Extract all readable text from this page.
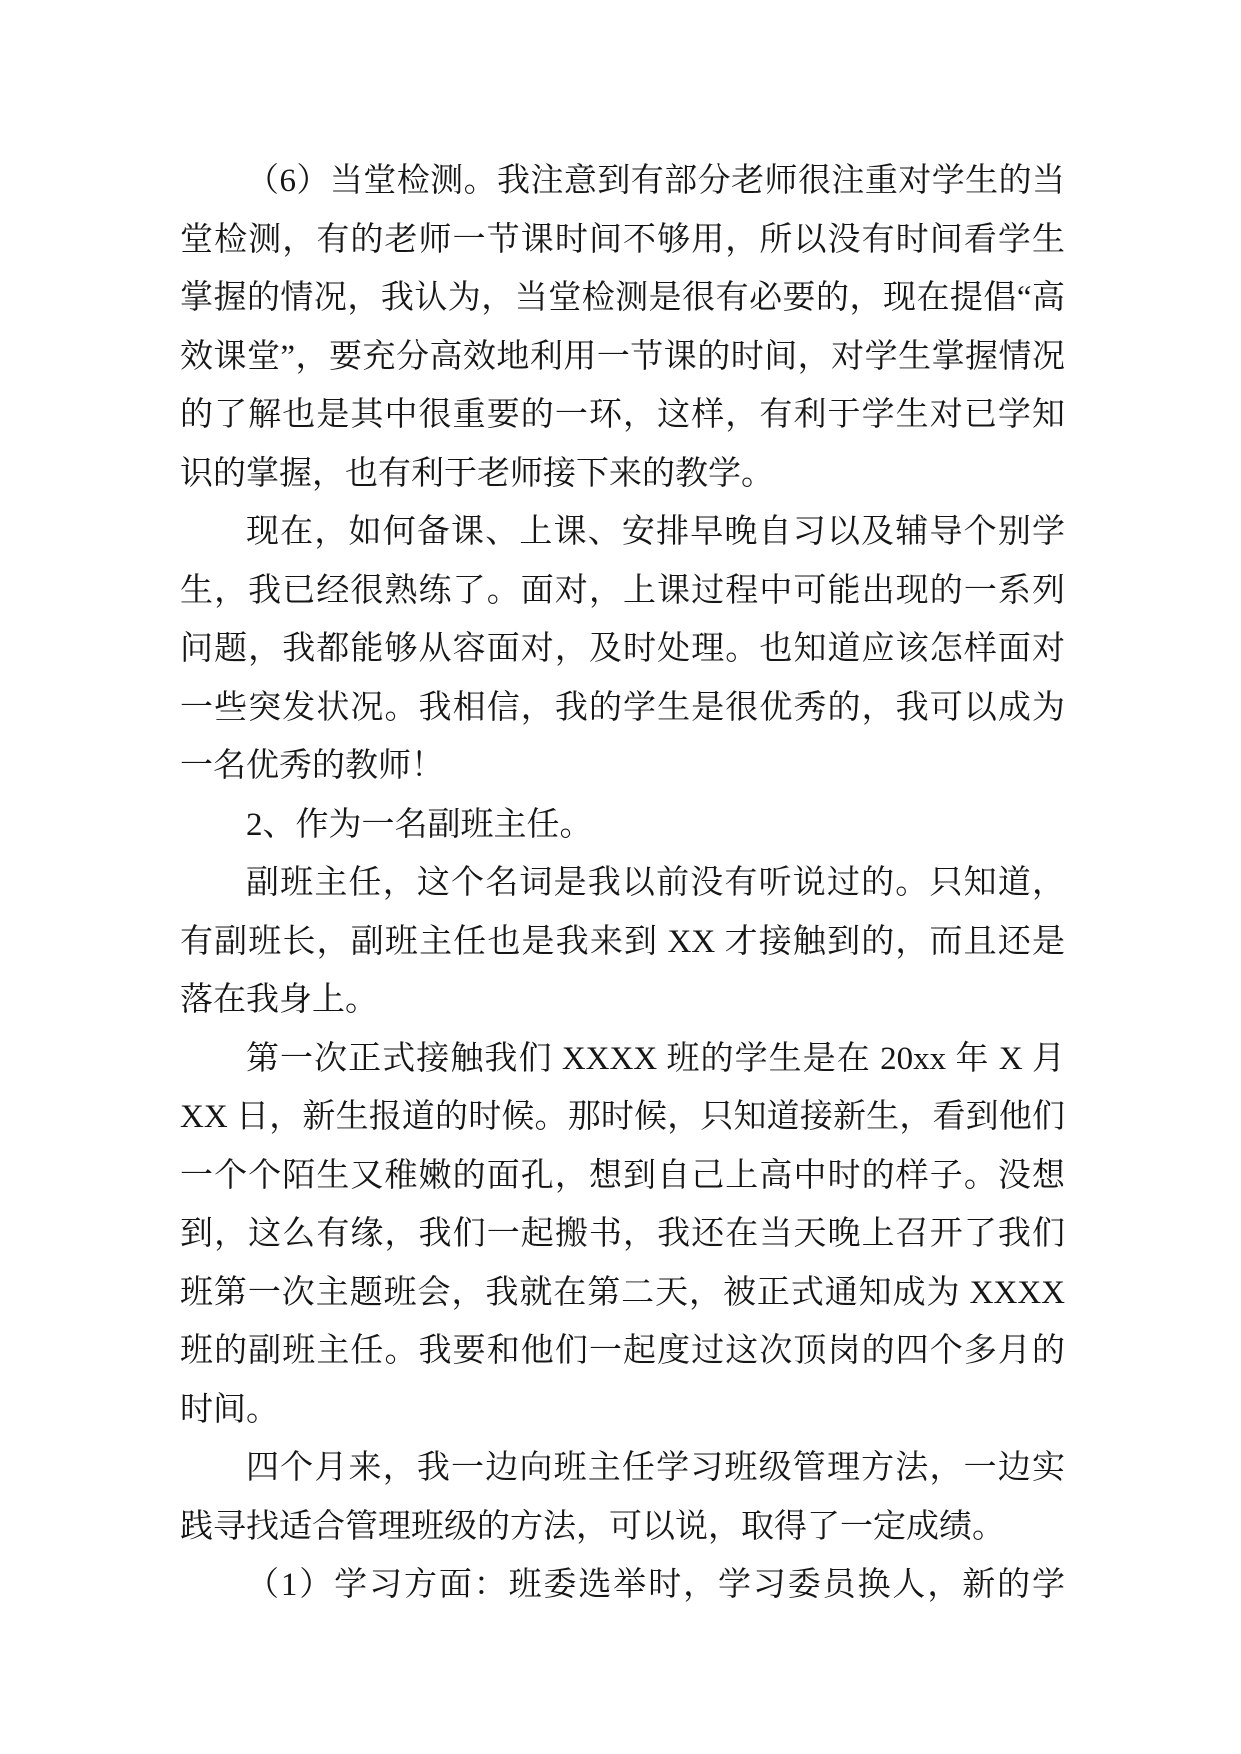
（6）当堂检测。我注意到有部分老师很注重对学生的当堂检测，有的老师一节课时间不够用，所以没有时间看学生掌握的情况，我认为，当堂检测是很有必要的，现在提倡“高效课堂”，要充分高效地利用一节课的时间，对学生掌握情况的了解也是其中很重要的一环，这样，有利于学生对已学知识的掌握，也有利于老师接下来的教学。

现在，如何备课、上课、安排早晚自习以及辅导个别学生，我已经很熟练了。面对，上课过程中可能出现的一系列问题，我都能够从容面对，及时处理。也知道应该怎样面对一些突发状况。我相信，我的学生是很优秀的，我可以成为一名优秀的教师！

2、作为一名副班主任。

副班主任，这个名词是我以前没有听说过的。只知道，有副班长，副班主任也是我来到 XX 才接触到的，而且还是落在我身上。

第一次正式接触我们 XXXX 班的学生是在 20xx 年 X 月 XX 日，新生报道的时候。那时候，只知道接新生，看到他们一个个陌生又稚嫩的面孔，想到自己上高中时的样子。没想到，这么有缘，我们一起搬书，我还在当天晚上召开了我们班第一次主题班会，我就在第二天，被正式通知成为 XXXX 班的副班主任。我要和他们一起度过这次顶岗的四个多月的时间。

四个月来，我一边向班主任学习班级管理方法，一边实践寻找适合管理班级的方法，可以说，取得了一定成绩。

（1）学习方面：班委选举时，学习委员换人，新的学
